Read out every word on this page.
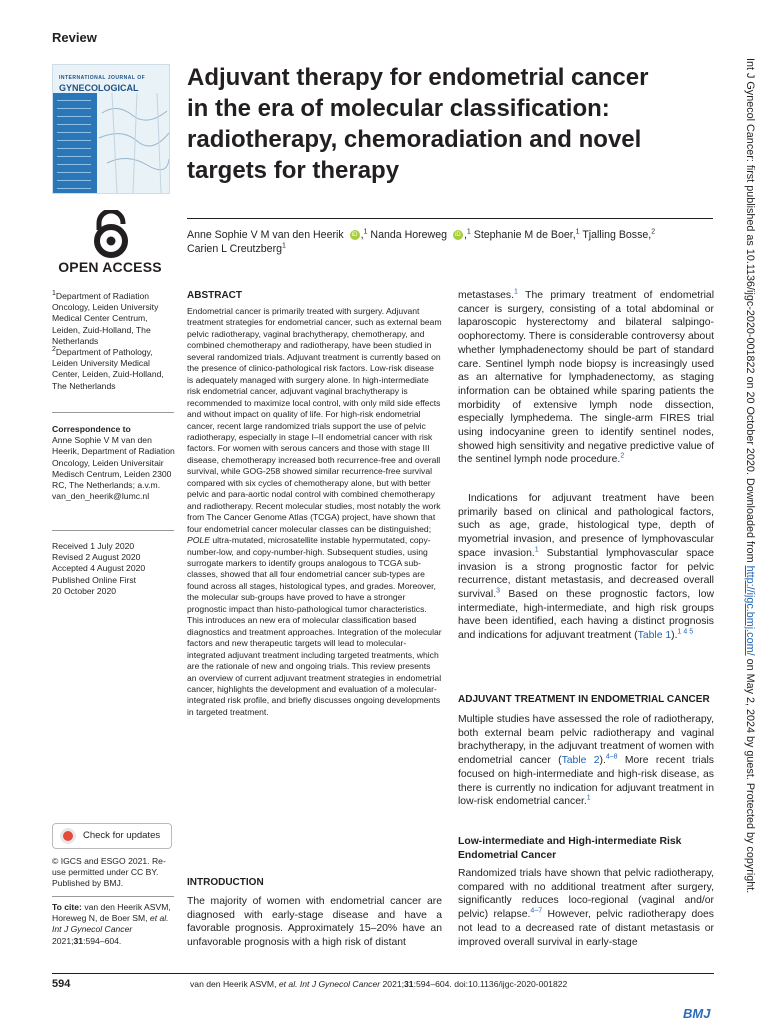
Review
INTERNATIONAL JOURNAL OF
GYNECOLOGICAL
OPEN ACCESS
Adjuvant therapy for endometrial cancer in the era of molecular classification: radiotherapy, chemoradiation and novel targets for therapy
Anne Sophie V M van den Heerik iD ,$^1$ Nanda Horeweg iD ,$^1$ Stephanie M de Boer,$^1$ Tjalling Bosse,$^2$
Carien L Creutzberg$^1$
$^1$Department of Radiation Oncology, Leiden University Medical Center Centrum, Leiden, Zuid-Holland, The Netherlands
$^2$Department of Pathology, Leiden University Medical Center, Leiden, Zuid-Holland, The Netherlands
Correspondence to
Anne Sophie V M van den Heerik, Department of Radiation Oncology, Leiden Universitair Medisch Centrum, Leiden 2300 RC, The Netherlands; a.v.m. van_den_heerik@lumc.nl
Received 1 July 2020
Revised 2 August 2020
Accepted 4 August 2020
Published Online First
20 October 2020
Check for updates
© IGCS and ESGO 2021. Re-use permitted under CC BY. Published by BMJ.
To cite: van den Heerik ASVM, Horeweg N, de Boer SM, et al. Int J Gynecol Cancer
2021;31:594–604.
ABSTRACT
Endometrial cancer is primarily treated with surgery. Adjuvant treatment strategies for endometrial cancer, such as external beam pelvic radiotherapy, vaginal brachytherapy, chemotherapy, and combined chemotherapy and radiotherapy, have been studied in several randomized trials. Adjuvant treatment is currently based on the presence of clinico-pathological risk factors. Low-risk disease is adequately managed with surgery alone. In high-intermediate risk endometrial cancer, adjuvant vaginal brachytherapy is recommended to maximize local control, with only mild side effects and without impact on quality of life. For high-risk endometrial cancer, recent large randomized trials support the use of pelvic radiotherapy, especially in stage I–II endometrial cancer with risk factors. For women with serous cancers and those with stage III disease, chemotherapy increased both recurrence-free and overall survival, while GOG-258 showed similar recurrence-free survival compared with six cycles of chemotherapy alone, but with better pelvic and para-aortic nodal control with combined chemotherapy and radiotherapy. Recent molecular studies, most notably the work from The Cancer Genome Atlas (TCGA) project, have shown that four endometrial cancer molecular classes can be distinguished;
POLE ultra-mutated, microsatellite instable hypermutated, copy-number-low, and copy-number-high. Subsequent studies, using surrogate markers to identify groups analogous to TCGA sub-classes, showed that all four endometrial cancer sub-types are found across all stages, histological types, and grades. Moreover, the molecular sub-groups have proved to have a stronger prognostic impact than histo-pathological tumor characteristics. This introduces an new era of molecular classification based diagnostics and treatment approaches. Integration of the molecular factors and new therapeutic targets will lead to molecular-integrated adjuvant treatment including targeted treatments, which are the rationale of new and ongoing trials. This review presents an overview of current adjuvant treatment strategies in endometrial cancer, highlights the development and evaluation of a molecular-integrated risk profile, and briefly discusses ongoing developments in targeted treatment.
INTRODUCTION
The majority of women with endometrial cancer are diagnosed with early-stage disease and have a favorable prognosis. Approximately 15–20% have an unfavorable prognosis with a high risk of distant

metastases.$^1$ The primary treatment of endometrial cancer is surgery, consisting of a total abdominal or laparoscopic hysterectomy and bilateral salpingo-oophorectomy. There is considerable controversy about whether lymphadenectomy should be part of standard care. Sentinel lymph node biopsy is increasingly used as an alternative for lymphadenectomy, as staging information can be obtained while sparing patients the morbidity of extensive lymph node dissection, especially lymphedema. The single-arm FIRES trial using indocyanine green to identify sentinel nodes, showed high sensitivity and negative predictive value of the sentinel lymph node procedure.$^2$

Indications for adjuvant treatment have been primarily based on clinical and pathological factors, such as age, grade, histological type, depth of myometrial invasion, and presence of lymphovascular space invasion.$^1$ Substantial lymphovascular space invasion is a strong prognostic factor for pelvic recurrence, distant metastasis, and decreased overall survival.$^3$ Based on these prognostic factors, low intermediate, high-intermediate, and high risk groups have been identified, each having a distinct prognosis and indications for adjuvant treatment (Table 1).$^{1 4 5}$

ADJUVANT TREATMENT IN ENDOMETRIAL CANCER

Multiple studies have assessed the role of radiotherapy, both external beam pelvic radiotherapy and vaginal brachytherapy, in the adjuvant treatment of women with endometrial cancer (Table 2).$^{4-8}$ More recent trials focused on high-intermediate and high-risk disease, as there is currently no indication for adjuvant treatment in low-risk endometrial cancer.$^1$

Low-intermediate and High-intermediate Risk Endometrial Cancer

Randomized trials have shown that pelvic radiotherapy, compared with no additional treatment after surgery, significantly reduces loco-regional (vaginal and/or pelvic) relapse.$^{4-7}$ However, pelvic radiotherapy does not lead to a decreased rate of distant metastasis or improved overall survival in early-stage

594	van den Heerik ASVM, et al. Int J Gynecol Cancer 2021;31:594–604. doi:10.1136/ijgc-2020-001822
BMJ
Int J Gynecol Cancer: first published as 10.1136/ijgc-2020-001822 on 20 October 2020. Downloaded from http://ijgc.bmj.com/ on May 2, 2024 by guest. Protected by copyright.
